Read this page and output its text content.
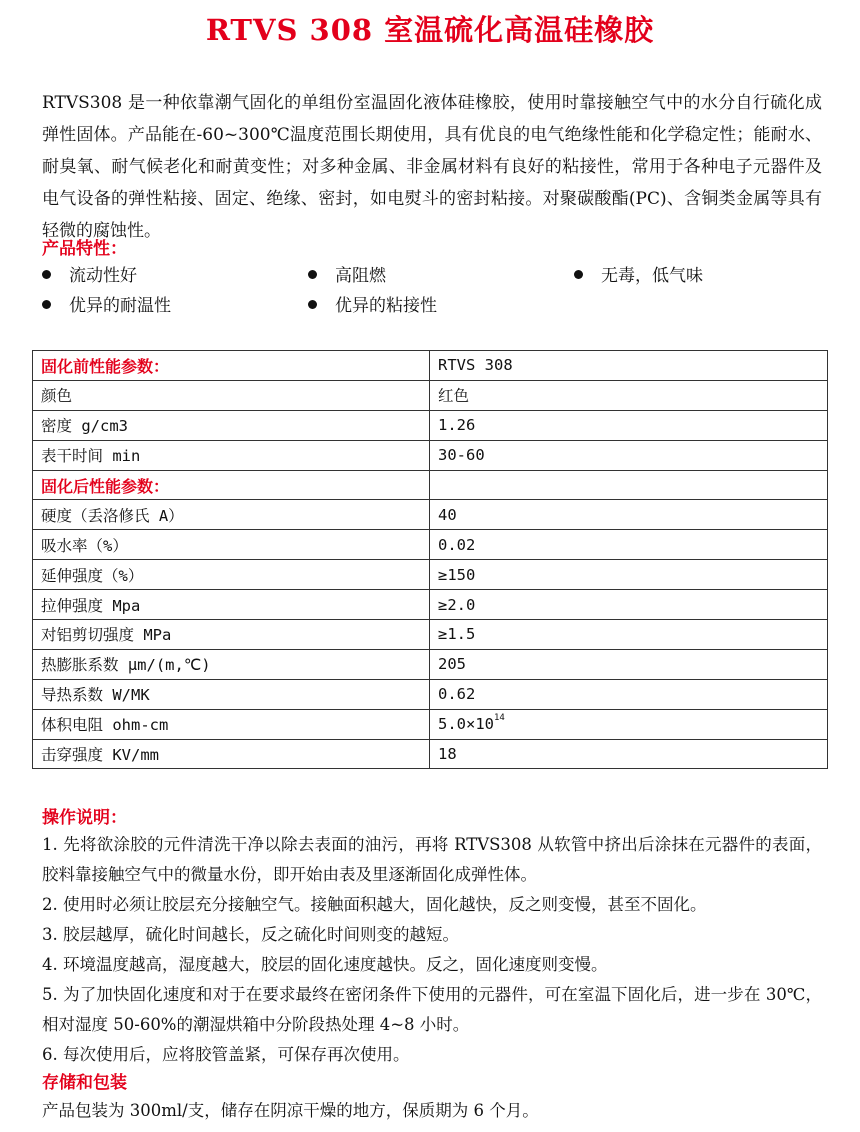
RTVS 308 室温硫化高温硅橡胶
RTVS308 是一种依靠潮气固化的单组份室温固化液体硅橡胶，使用时靠接触空气中的水分自行硫化成弹性固体。产品能在-60~300℃温度范围长期使用，具有优良的电气绝缘性能和化学稳定性；能耐水、耐臭氧、耐气候老化和耐黄变性；对多种金属、非金属材料有良好的粘接性，常用于各种电子元器件及电气设备的弹性粘接、固定、绝缘、密封，如电熨斗的密封粘接。对聚碳酸酯(PC)、含铜类金属等具有轻微的腐蚀性。
产品特性：
流动性好	高阻燃	无毒，低气味
优异的耐温性	优异的粘接性
固化前性能参数：	RTVS 308
颜色	红色
密度 g/cm3	1.26
表干时间 min	30-60
固化后性能参数：	
硬度（丢洛修氏 A）	40
吸水率（%）	0.02
延伸强度（%）	≥150
拉伸强度 Mpa	≥2.0
对铝剪切强度 MPa	≥1.5
热膨胀系数 μm/(m,℃)	205
导热系数 W/MK	0.62
体积电阻 ohm-cm	$5.0\times 10^{14}$
击穿强度 KV/mm	18
操作说明：

1. 先将欲涂胶的元件清洗干净以除去表面的油污，再将 RTVS308 从软管中挤出后涂抹在元器件的表面，胶料靠接触空气中的微量水份，即开始由表及里逐渐固化成弹性体。

2. 使用时必须让胶层充分接触空气。接触面积越大，固化越快，反之则变慢，甚至不固化。

3. 胶层越厚，硫化时间越长，反之硫化时间则变的越短。

4. 环境温度越高，湿度越大，胶层的固化速度越快。反之，固化速度则变慢。

5. 为了加快固化速度和对于在要求最终在密闭条件下使用的元器件，可在室温下固化后，进一步在 30℃，相对湿度 50-60%的潮湿烘箱中分阶段热处理 4~8 小时。

6. 每次使用后，应将胶管盖紧，可保存再次使用。

存储和包装
产品包装为 300ml/支，储存在阴凉干燥的地方，保质期为 6 个月。
